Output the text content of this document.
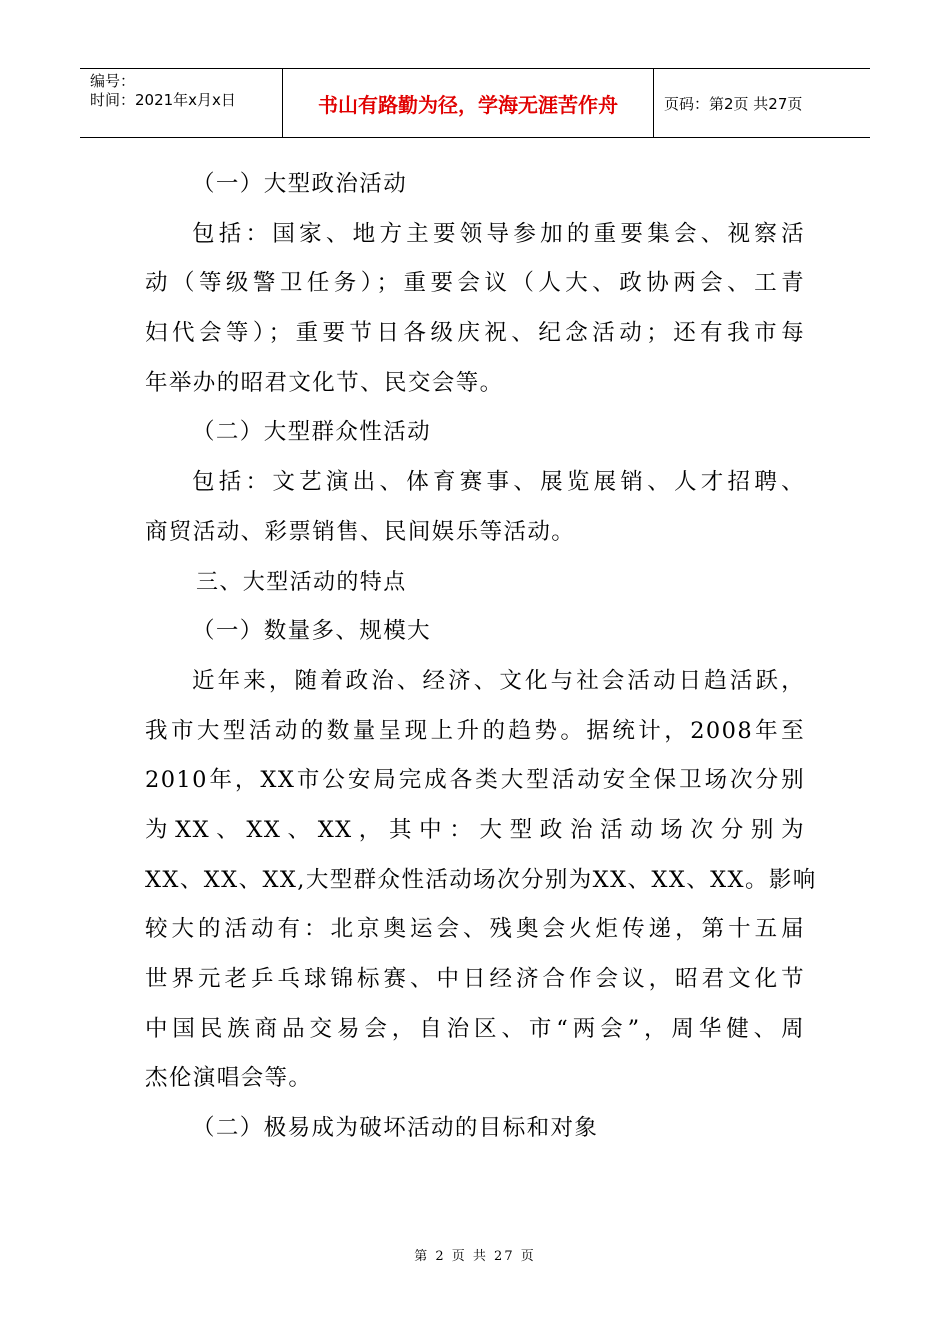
编号：
时间：2021年x月x日	书山有路勤为径，学海无涯苦作舟	页码：第2页 共27页
（一）大型政治活动
包括：国家、地方主要领导参加的重要集会、视察活
动（等级警卫任务）；重要会议（人大、政协两会、工青
妇代会等）；重要节日各级庆祝、纪念活动；还有我市每
年举办的昭君文化节、民交会等。
（二）大型群众性活动
包括：文艺演出、体育赛事、展览展销、人才招聘、
商贸活动、彩票销售、民间娱乐等活动。
三、大型活动的特点
（一）数量多、规模大
近年来，随着政治、经济、文化与社会活动日趋活跃，
我市大型活动的数量呈现上升的趋势。据统计，2008年至
2010年，XX市公安局完成各类大型活动安全保卫场次分别
为XX、XX、XX，其中：大型政治活动场次分别为
XX、XX、XX,大型群众性活动场次分别为XX、XX、XX。影响
较大的活动有：北京奥运会、残奥会火炬传递，第十五届
世界元老乒乓球锦标赛、中日经济合作会议，昭君文化节
中国民族商品交易会，自治区、市“两会”，周华健、周
杰伦演唱会等。
（二）极易成为破坏活动的目标和对象
第 2 页 共 27 页
